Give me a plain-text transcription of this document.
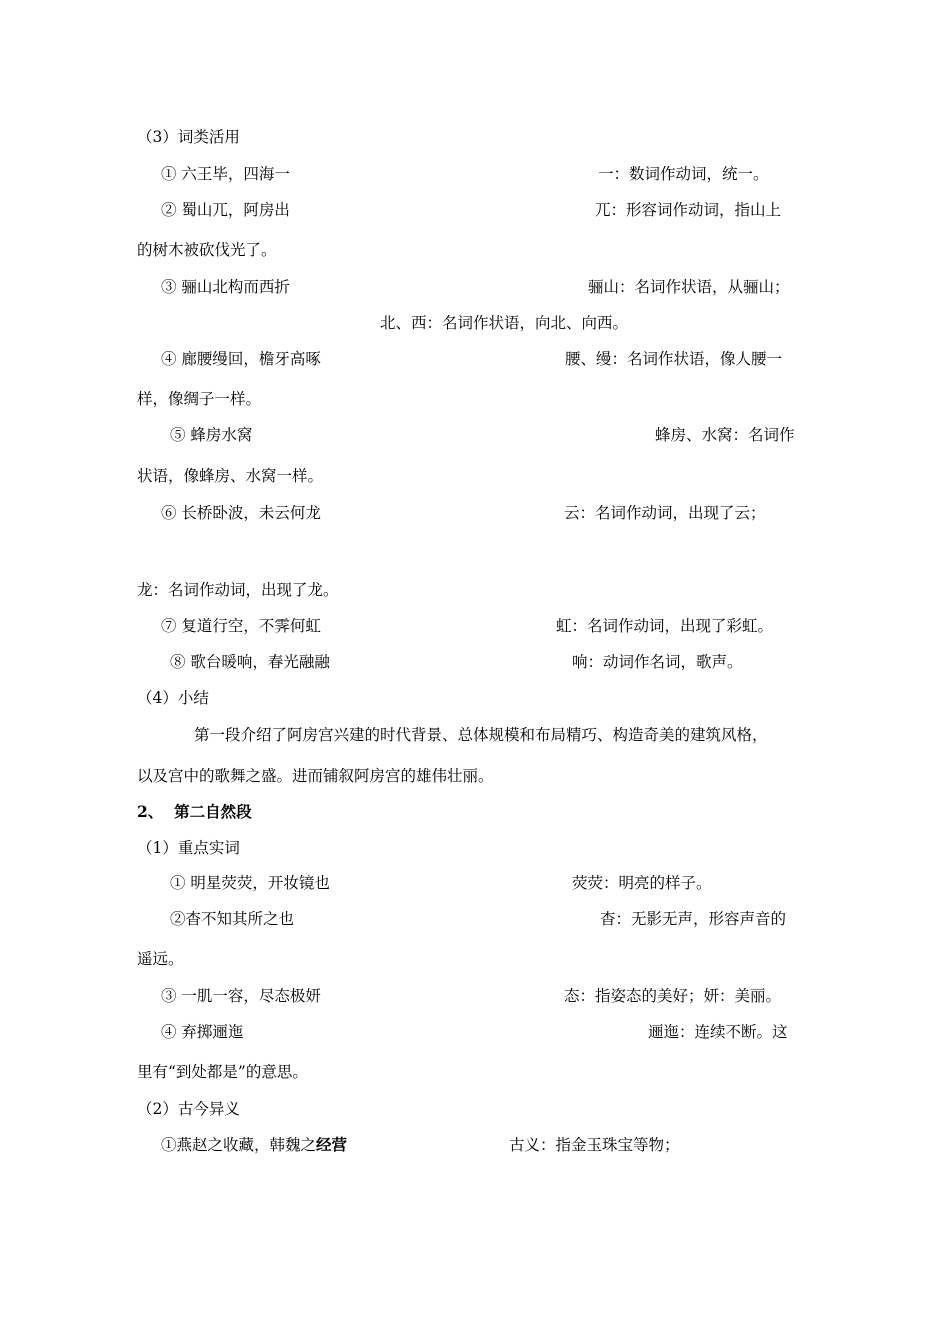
（3）词类活用
① 六王毕，四海一	一：数词作动词，统一。
② 蜀山兀，阿房出	兀：形容词作动词，指山上
的树木被砍伐光了。
③ 骊山北构而西折	骊山：名词作状语，从骊山；
北、西：名词作状语，向北、向西。
④ 廊腰缦回，檐牙高啄	腰、缦：名词作状语，像人腰一
样，像绸子一样。
⑤ 蜂房水窝	蜂房、水窝：名词作
状语，像蜂房、水窝一样。
⑥ 长桥卧波，未云何龙	云：名词作动词，出现了云；
龙：名词作动词，出现了龙。
⑦ 复道行空，不霁何虹	虹：名词作动词，出现了彩虹。
⑧ 歌台暖响，春光融融	响：动词作名词，歌声。
（4）小结
第一段介绍了阿房宫兴建的时代背景、总体规模和布局精巧、构造奇美的建筑风格，
以及宫中的歌舞之盛。进而铺叙阿房宫的雄伟壮丽。
2、  第二自然段
（1）重点实词
① 明星荧荧，开妆镜也	荧荧：明亮的样子。
②杳不知其所之也	杳：无影无声，形容声音的
遥远。
③ 一肌一容，尽态极妍	态：指姿态的美好；妍：美丽。
④ 弃掷逦迤	逦迤：连续不断。这
里有“到处都是”的意思。
（2）古今异义
①燕赵之收藏，韩魏之经营	古义：指金玉珠宝等物；
